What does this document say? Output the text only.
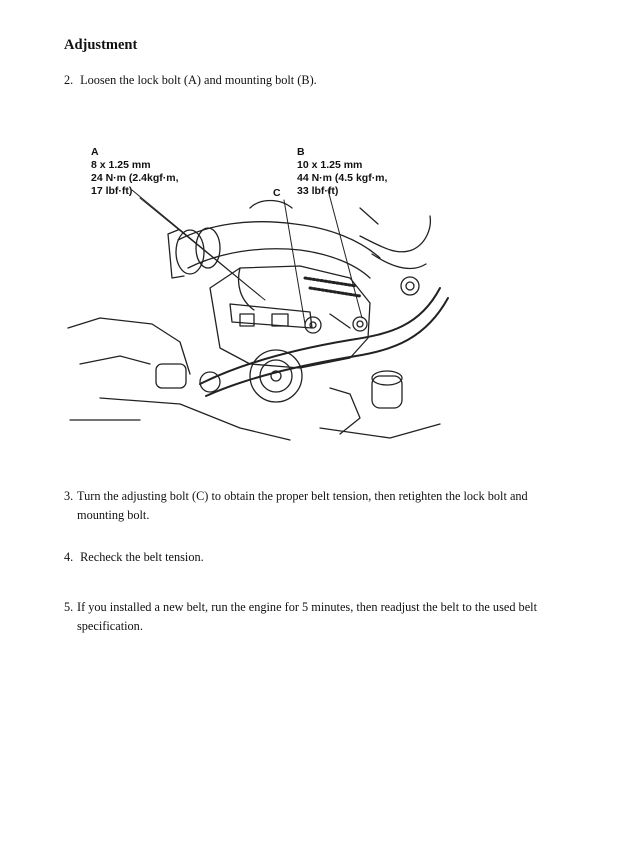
Adjustment
2. Loosen the lock bolt (A) and mounting bolt (B).
A
8 x 1.25 mm
24 N·m (2.4kgf·m,
17 lbf·ft)
B
10 x 1.25 mm
44 N·m (4.5 kgf·m,
33 lbf·ft)
C
3. Turn the adjusting bolt (C) to obtain the proper belt tension, then retighten the lock bolt and
mounting bolt.
4. Recheck the belt tension.
5. If you installed a new belt, run the engine for 5 minutes, then readjust the belt to the used belt
specification.
